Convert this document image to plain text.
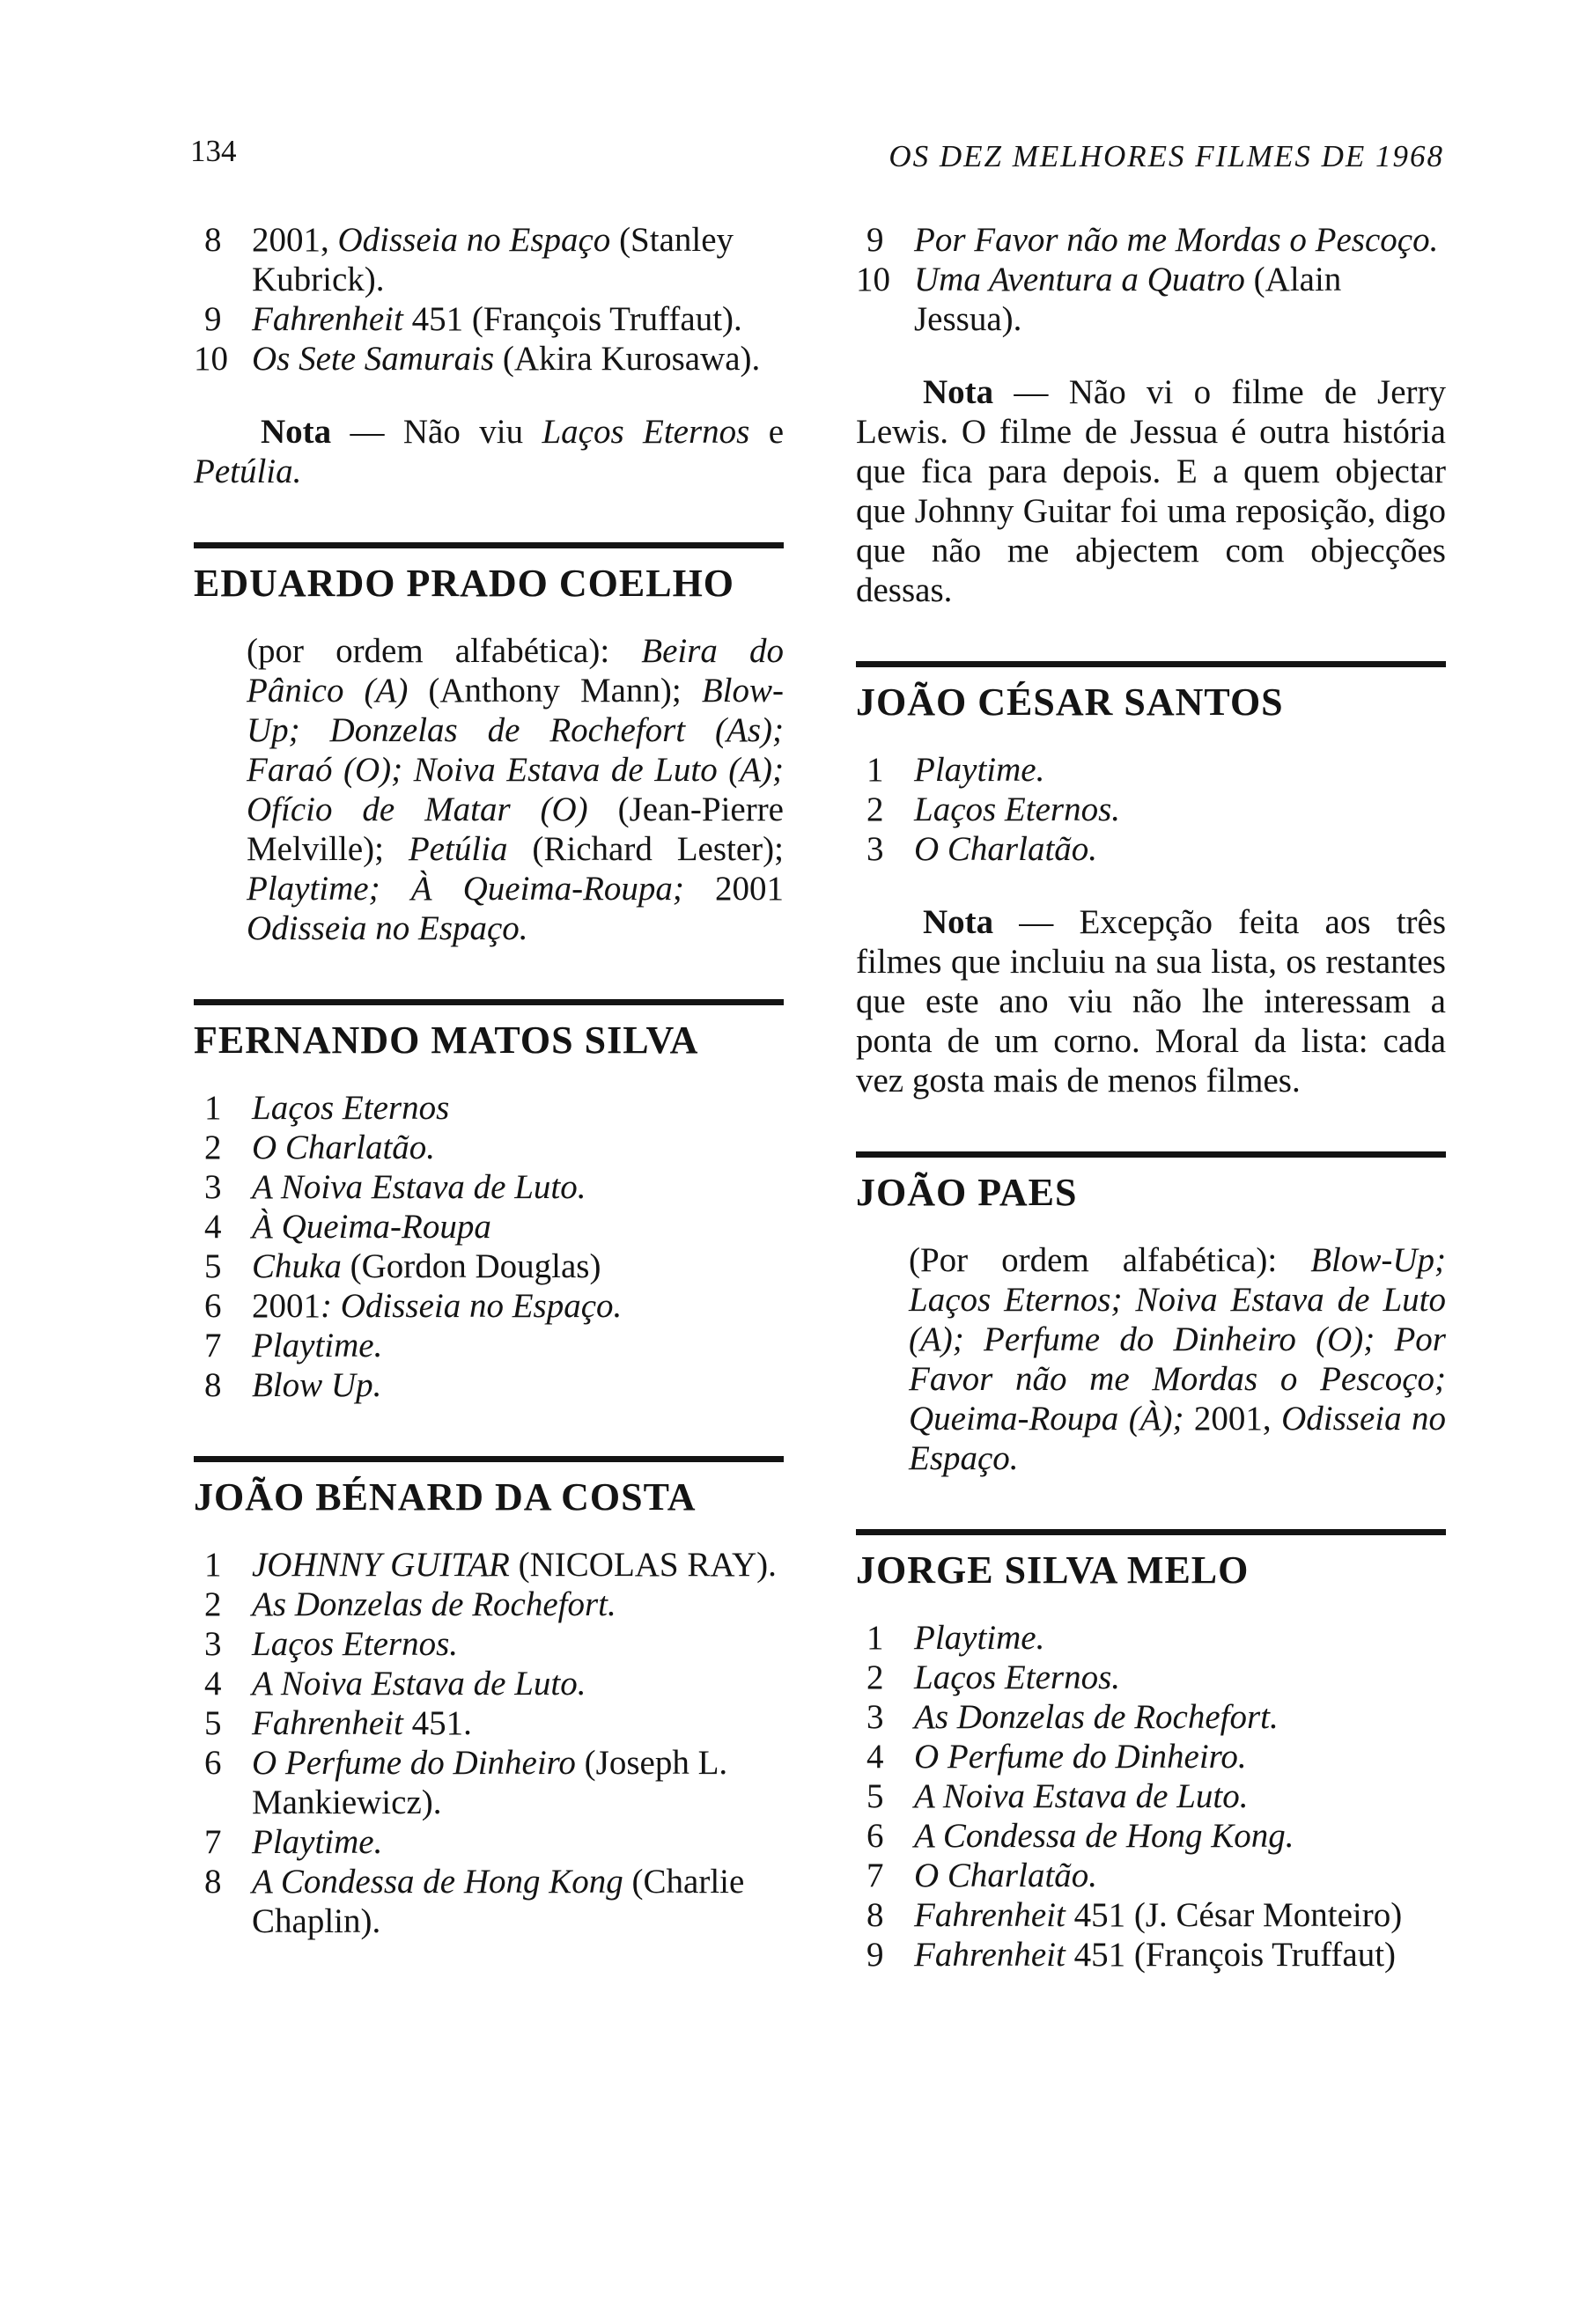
134	OS DEZ MELHORES FILMES DE 1968
8 2001, Odisseia no Espaço (Stanley Kubrick).
9 Fahrenheit 451 (François Truffaut).
10 Os Sete Samurais (Akira Kurosawa).

Nota — Não viu Laços Eternos e Petúlia.

EDUARDO PRADO COELHO
(por ordem alfabética): Beira do Pânico (A) (Anthony Mann); Blow-Up; Donzelas de Rochefort (As); Faraó (O); Noiva Estava de Luto (A); Ofício de Matar (O) (Jean-Pierre Melville); Petúlia (Richard Lester); Playtime; À Queima-Roupa; 2001 Odisseia no Espaço.
FERNANDO MATOS SILVA
1 Laços Eternos
2 O Charlatão.
3 A Noiva Estava de Luto.
4 À Queima-Roupa
5 Chuka (Gordon Douglas)
6 2001: Odisseia no Espaço.
7 Playtime.
8 Blow Up.
JOÃO BÉNARD DA COSTA
1 JOHNNY GUITAR (NICOLAS RAY).
2 As Donzelas de Rochefort.
3 Laços Eternos.
4 A Noiva Estava de Luto.
5 Fahrenheit 451.
6 O Perfume do Dinheiro (Joseph L. Mankiewicz).
7 Playtime.
8 A Condessa de Hong Kong (Charlie Chaplin).
9 Por Favor não me Mordas o Pescoço.
10 Uma Aventura a Quatro (Alain Jessua).

Nota — Não vi o filme de Jerry Lewis. O filme de Jessua é outra história que fica para depois. E a quem objectar que Johnny Guitar foi uma reposição, digo que não me abjectem com objecções dessas.

JOÃO CÉSAR SANTOS
1 Playtime.
2 Laços Eternos.
3 O Charlatão.

Nota — Excepção feita aos três filmes que incluiu na sua lista, os restantes que este ano viu não lhe interessam a ponta de um corno. Moral da lista: cada vez gosta mais de menos filmes.

JOÃO PAES
(Por ordem alfabética): Blow-Up; Laços Eternos; Noiva Estava de Luto (A); Perfume do Dinheiro (O); Por Favor não me Mordas o Pescoço; Queima-Roupa (À); 2001, Odisseia no Espaço.
JORGE SILVA MELO
1 Playtime.
2 Laços Eternos.
3 As Donzelas de Rochefort.
4 O Perfume do Dinheiro.
5 A Noiva Estava de Luto.
6 A Condessa de Hong Kong.
7 O Charlatão.
8 Fahrenheit 451 (J. César Monteiro)
9 Fahrenheit 451 (François Truffaut)
